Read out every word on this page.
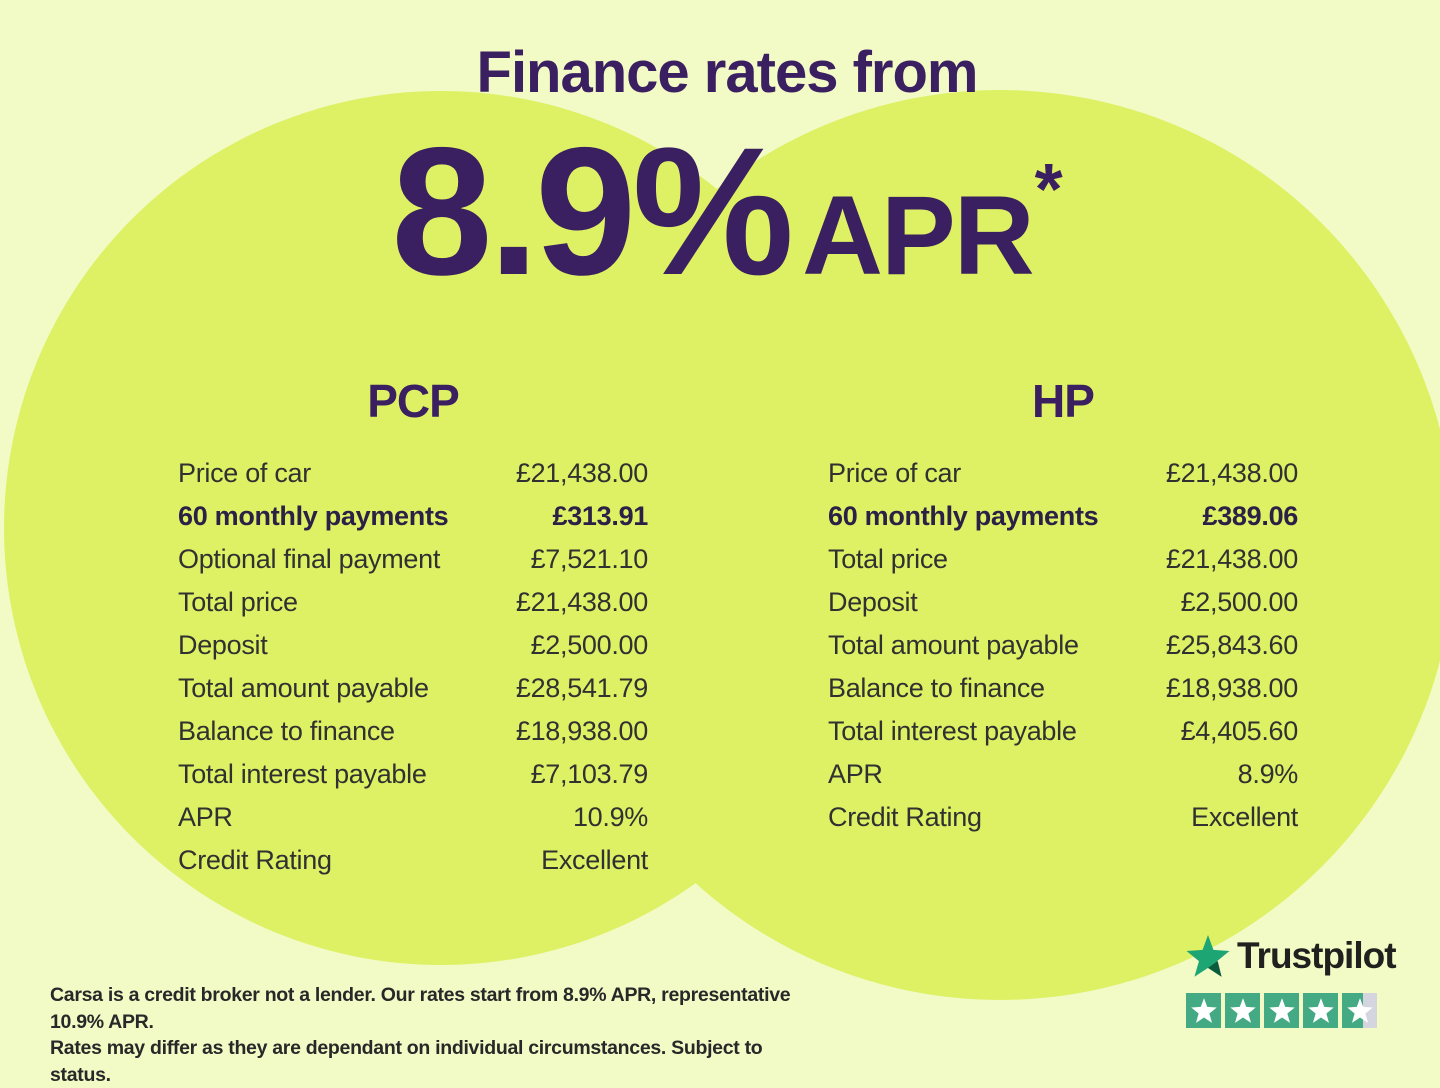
Finance rates from
8.9% APR *
PCP
Price of car	£21,438.00
60 monthly payments	£313.91
Optional final payment	£7,521.10
Total price	£21,438.00
Deposit	£2,500.00
Total amount payable	£28,541.79
Balance to finance	£18,938.00
Total interest payable	£7,103.79
APR	10.9%
Credit Rating	Excellent
HP
Price of car	£21,438.00
60 monthly payments	£389.06
Total price	£21,438.00
Deposit	£2,500.00
Total amount payable	£25,843.60
Balance to finance	£18,938.00
Total interest payable	£4,405.60
APR	8.9%
Credit Rating	Excellent
Carsa is a credit broker not a lender. Our rates start from 8.9% APR, representative 10.9% APR.
Rates may differ as they are dependant on individual circumstances. Subject to status.
Trustpilot
